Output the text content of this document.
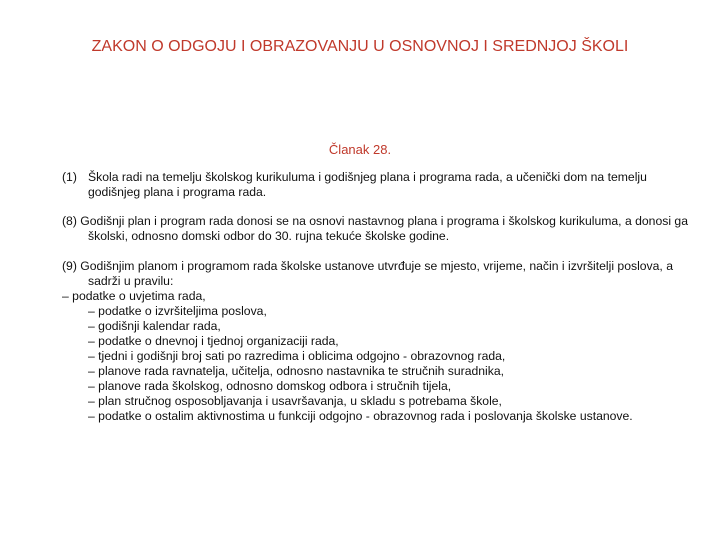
ZAKON O ODGOJU I OBRAZOVANJU U OSNOVNOJ I SREDNJOJ ŠKOLI
Članak 28.
(1) Škola radi na temelju školskog kurikuluma i godišnjeg plana i programa rada, a učenički dom na temelju godišnjeg plana i programa rada.
(8) Godišnji plan i program rada donosi se na osnovi nastavnog plana i programa i školskog kurikuluma, a donosi ga školski, odnosno domski odbor do 30. rujna tekuće školske godine.
(9) Godišnjim planom i programom rada školske ustanove utvrđuje se mjesto, vrijeme, način i izvršitelji poslova, a sadrži u pravilu:
– podatke o uvjetima rada,
– podatke o izvršiteljima poslova,
– godišnji kalendar rada,
– podatke o dnevnoj i tjednoj organizaciji rada,
– tjedni i godišnji broj sati po razredima i oblicima odgojno - obrazovnog rada,
– planove rada ravnatelja, učitelja, odnosno nastavnika te stručnih suradnika,
– planove rada školskog, odnosno domskog odbora i stručnih tijela,
– plan stručnog osposobljavanja i usavršavanja, u skladu s potrebama škole,
– podatke o ostalim aktivnostima u funkciji odgojno - obrazovnog rada i poslovanja školske ustanove.
